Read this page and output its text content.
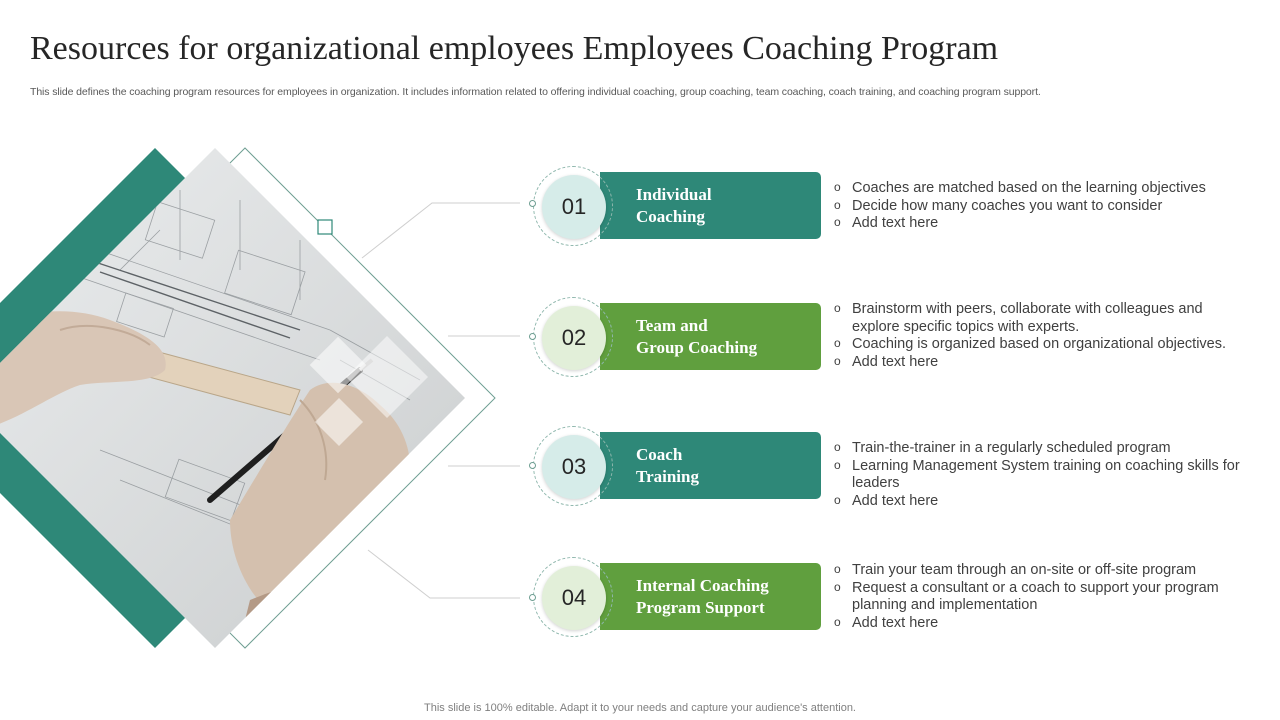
Resources for organizational employees Employees Coaching Program

This slide defines the coaching program resources for employees in organization. It includes information related to offering individual coaching, group coaching, team coaching, coach training, and coaching program support.

Individual
Coaching
01
o Coaches are matched based on the learning objectives
o Decide how many coaches you want to consider
o Add text here
Team and
Group Coaching
02
o Brainstorm with peers, collaborate with colleagues and explore specific topics with experts.
o Coaching is organized based on organizational objectives.
o Add text here
Coach
Training
03
o Train-the-trainer in a regularly scheduled program
o Learning Management System training on coaching skills for leaders
o Add text here
Internal Coaching
Program Support
04
o Train your team through an on-site or off-site program
o Request a consultant or a coach to support your program planning and implementation
o Add text here
This slide is 100% editable. Adapt it to your needs and capture your audience's attention.
